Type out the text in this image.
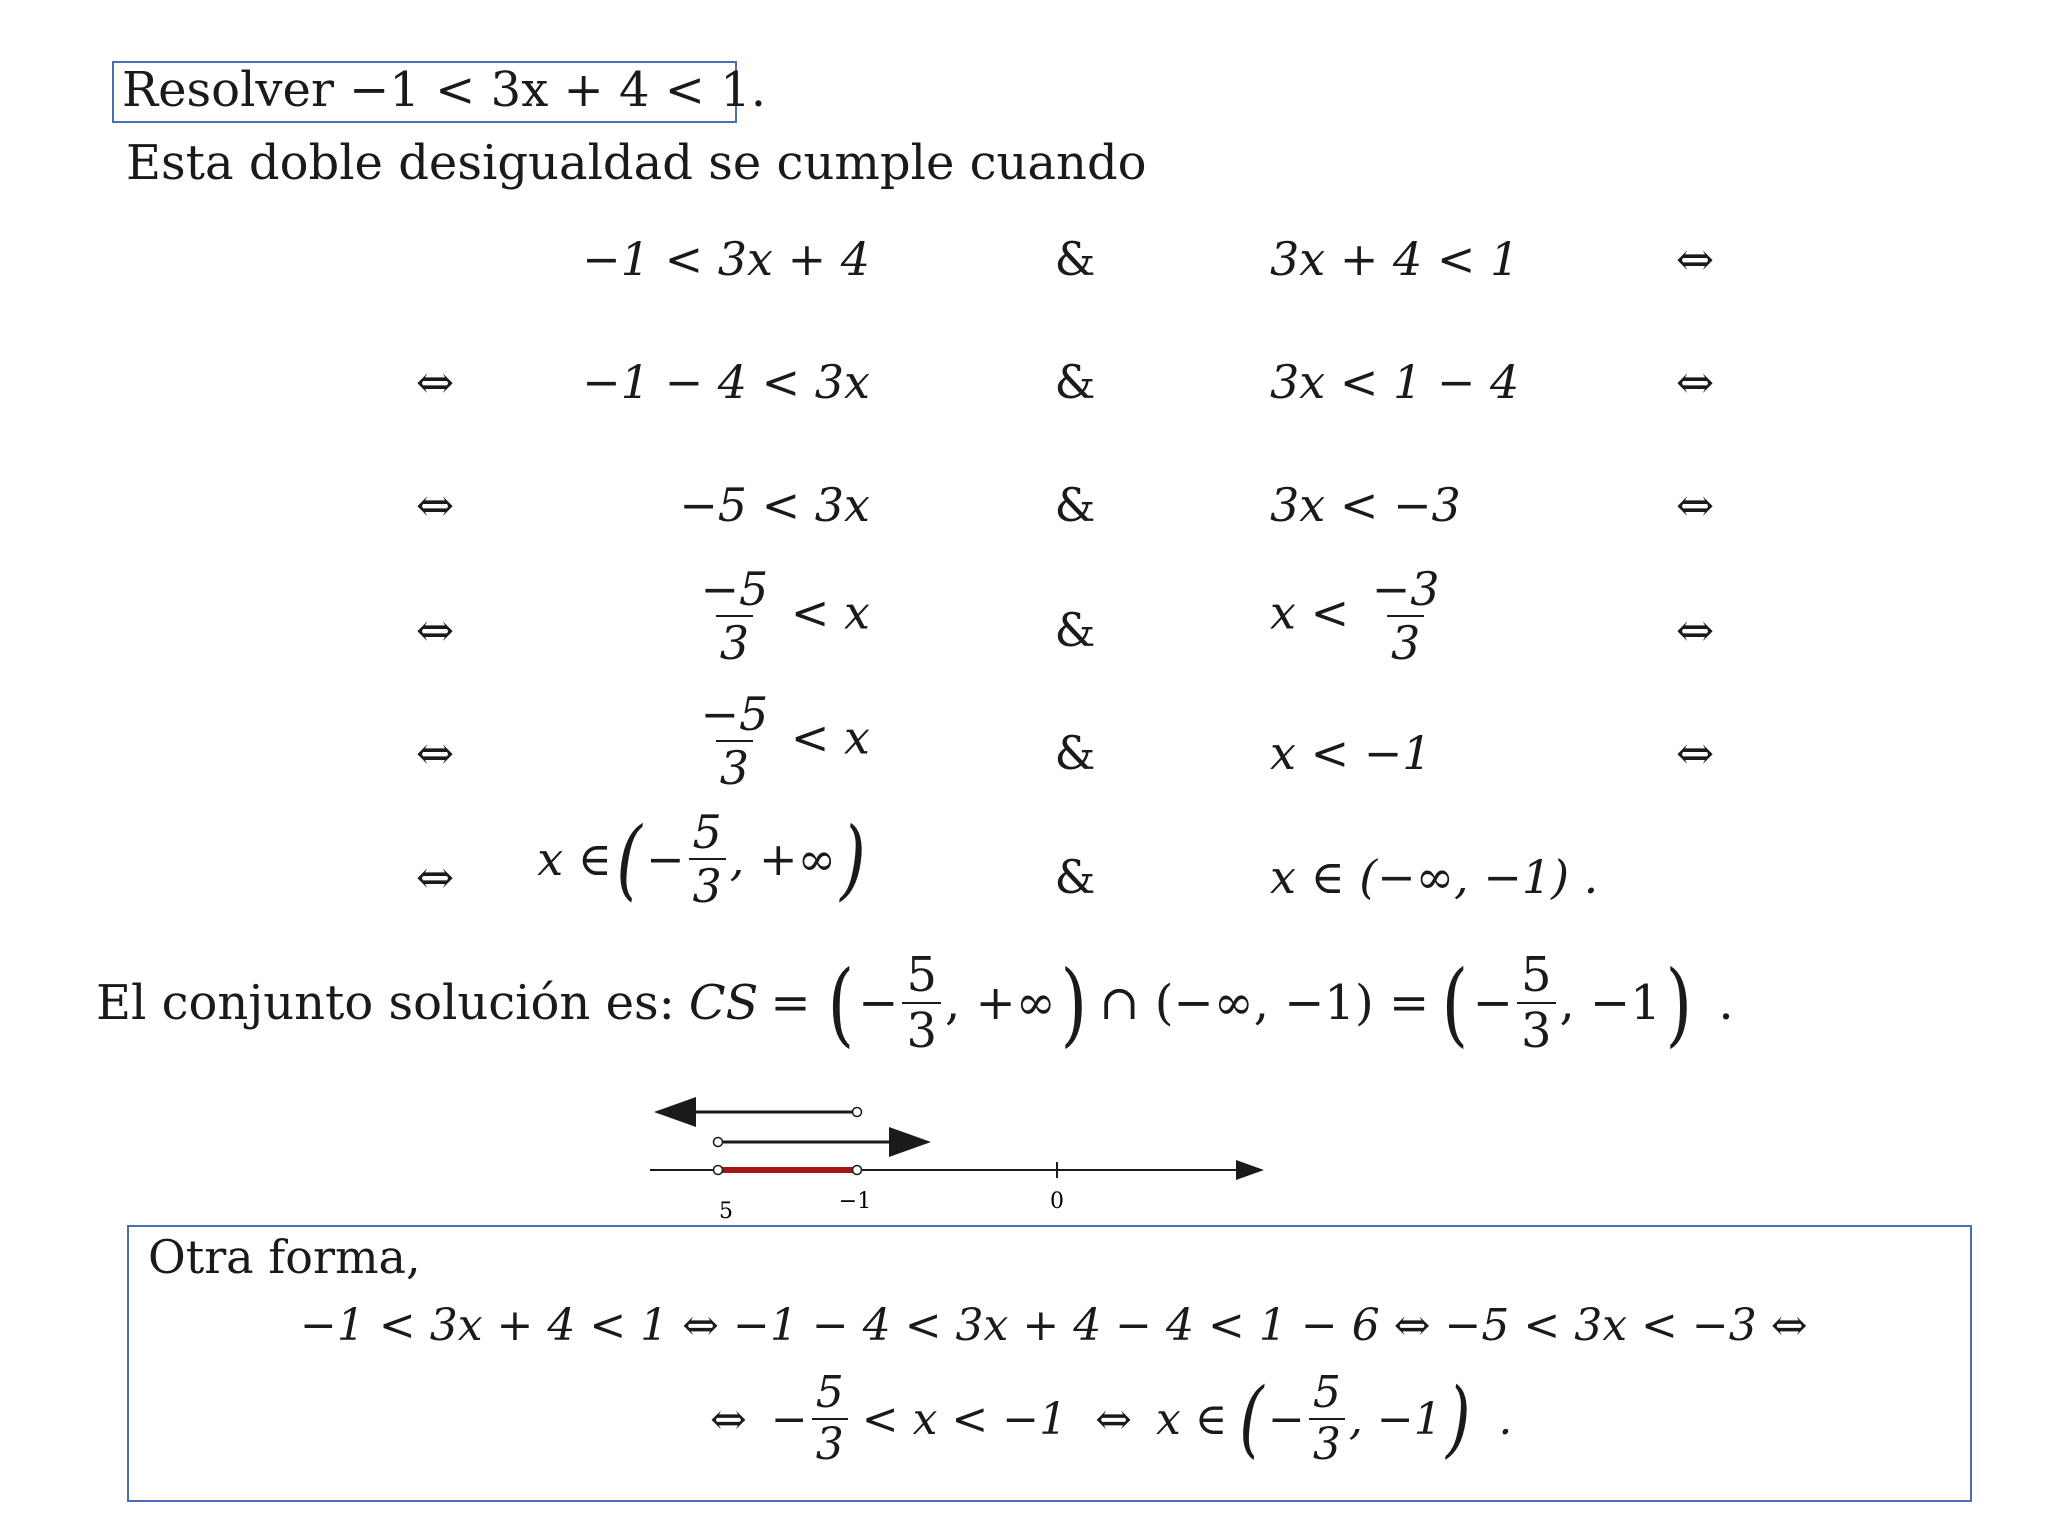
Resolver −1 < 3x + 4 < 1.
Esta doble desigualdad se cumple cuando
−1 < 3x + 4	&	3x + 4 < 1	⇔
⇔	−1 − 4 < 3x	&	3x < 1 − 4	⇔
⇔	−5 < 3x	&	3x < −3	⇔
⇔	$\frac{-5}{3} < x$	&	$x < \frac{-3}{3}$	⇔
⇔	$\frac{-5}{3} < x$	&	x < −1	⇔
⇔	x ∈ ( − $\frac{5}{3}$ , +∞ )	&	x ∈ (−∞, −1) .
El conjunto solución es: CS = ( − $\frac{5}{3}$ , +∞ ) ∩ (−∞, −1) = ( − $\frac{5}{3}$ , −1 ) .
5	−1	0
Otra forma,
−1 < 3x + 4 < 1 ⇔ −1 − 4 < 3x + 4 − 4 < 1 − 6 ⇔ −5 < 3x < −3 ⇔
⇔ − $\frac{5}{3} < x < -1$ ⇔ x ∈ ( − $\frac{5}{3}$ , −1 ) .
